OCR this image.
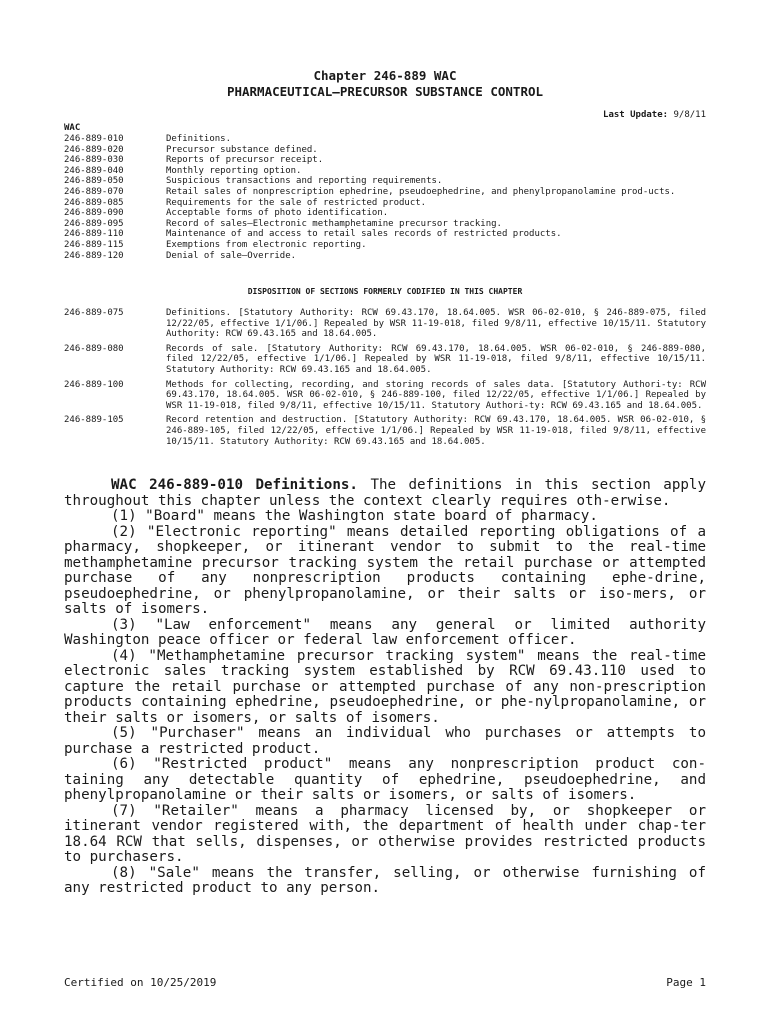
Chapter 246-889 WAC
PHARMACEUTICAL—PRECURSOR SUBSTANCE CONTROL
Last Update: 9/8/11
WAC
246-889-010	Definitions.
246-889-020	Precursor substance defined.
246-889-030	Reports of precursor receipt.
246-889-040	Monthly reporting option.
246-889-050	Suspicious transactions and reporting requirements.
246-889-070	Retail sales of nonprescription ephedrine, pseudoephedrine, and phenylpropanolamine prod-ucts.
246-889-085	Requirements for the sale of restricted product.
246-889-090	Acceptable forms of photo identification.
246-889-095	Record of sales—Electronic methamphetamine precursor tracking.
246-889-110	Maintenance of and access to retail sales records of restricted products.
246-889-115	Exemptions from electronic reporting.
246-889-120	Denial of sale—Override.
DISPOSITION OF SECTIONS FORMERLY CODIFIED IN THIS CHAPTER
246-889-075	Definitions. [Statutory Authority: RCW 69.43.170, 18.64.005. WSR 06-02-010, § 246-889-075, filed 12/22/05, effective 1/1/06.] Repealed by WSR 11-19-018, filed 9/8/11, effective 10/15/11. Statutory Authority: RCW 69.43.165 and 18.64.005.
246-889-080	Records of sale. [Statutory Authority: RCW 69.43.170, 18.64.005. WSR 06-02-010, § 246-889-080, filed 12/22/05, effective 1/1/06.] Repealed by WSR 11-19-018, filed 9/8/11, effective 10/15/11. Statutory Authority: RCW 69.43.165 and 18.64.005.
246-889-100	Methods for collecting, recording, and storing records of sales data. [Statutory Authori-ty: RCW 69.43.170, 18.64.005. WSR 06-02-010, § 246-889-100, filed 12/22/05, effective 1/1/06.] Repealed by WSR 11-19-018, filed 9/8/11, effective 10/15/11. Statutory Authori-ty: RCW 69.43.165 and 18.64.005.
246-889-105	Record retention and destruction. [Statutory Authority: RCW 69.43.170, 18.64.005. WSR 06-02-010, § 246-889-105, filed 12/22/05, effective 1/1/06.] Repealed by WSR 11-19-018, filed 9/8/11, effective 10/15/11. Statutory Authority: RCW 69.43.165 and 18.64.005.

WAC 246-889-010 Definitions. The definitions in this section apply throughout this chapter unless the context clearly requires oth-erwise.

(1) "Board" means the Washington state board of pharmacy.

(2) "Electronic reporting" means detailed reporting obligations of a pharmacy, shopkeeper, or itinerant vendor to submit to the real-time methamphetamine precursor tracking system the retail purchase or attempted purchase of any nonprescription products containing ephe-drine, pseudoephedrine, or phenylpropanolamine, or their salts or iso-mers, or salts of isomers.

(3) "Law enforcement" means any general or limited authority Washington peace officer or federal law enforcement officer.

(4) "Methamphetamine precursor tracking system" means the real-time electronic sales tracking system established by RCW 69.43.110 used to capture the retail purchase or attempted purchase of any non-prescription products containing ephedrine, pseudoephedrine, or phe-nylpropanolamine, or their salts or isomers, or salts of isomers.

(5) "Purchaser" means an individual who purchases or attempts to purchase a restricted product.

(6) "Restricted product" means any nonprescription product con-taining any detectable quantity of ephedrine, pseudoephedrine, and phenylpropanolamine or their salts or isomers, or salts of isomers.

(7) "Retailer" means a pharmacy licensed by, or shopkeeper or itinerant vendor registered with, the department of health under chap-ter 18.64 RCW that sells, dispenses, or otherwise provides restricted products to purchasers.

(8) "Sale" means the transfer, selling, or otherwise furnishing of any restricted product to any person.

Certified on 10/25/2019	Page 1
